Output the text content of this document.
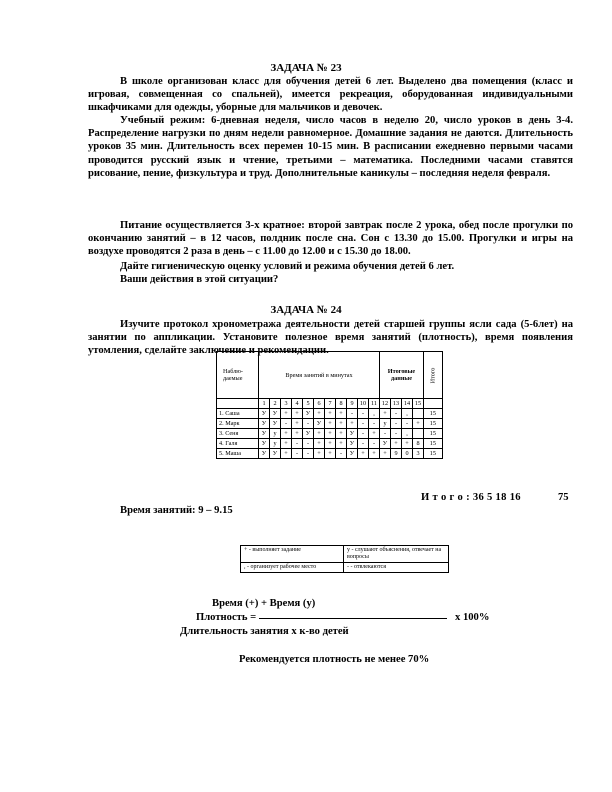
ЗАДАЧА № 23

В школе организован класс для обучения детей 6 лет. Выделено два помещения (класс и игровая, совмещенная со спальней), имеется рекреация, оборудованная индивидуальными шкафчиками для одежды, уборные для мальчиков и девочек.

Учебный режим: 6-дневная неделя, число часов в неделю 20, число уроков в день 3-4. Распределение нагрузки по дням недели равномерное. Домашние задания не даются. Длительность уроков 35 мин. Длительность всех перемен 10-15 мин. В расписании ежедневно первыми часами проводится русский язык и чтение, третьими – математика. Последними часами ставятся рисование, пение, физкультура и труд. Дополнительные каникулы – последняя неделя февраля.

Питание осуществляется 3-х кратное: второй завтрак после 2 урока, обед после прогулки по окончанию занятий – в 12 часов, полдник после сна. Сон с 13.30 до 15.00. Прогулки и игры на воздухе проводятся 2 раза в день – с 11.00 до 12.00 и с 15.30 до 18.00.

Дайте гигиеническую оценку условий и режима обучения детей 6 лет.
Ваши действия в этой ситуации?
ЗАДАЧА № 24

Изучите протокол хронометража деятельности детей старшей группы ясли сада (5-6лет) на занятии по аппликации. Установите полезное время занятий (плотность), время появления утомления, сделайте заключение и рекомендации.

Наблю-даемые	Время занятий в минутах											Итоговые данные				Итого
	1	2	3	4	5	6	7	8	9	10	11	12	13	14	15	
1. Саша	У	У	+	+	У	+	+	+	-	-	,	+	-	,		15
2. Марк	У	У	-	+	-	У	+	+	+	-	-	у	-	-	+	15
3. Сеня	У	у	+	+	У	+	+	+	У	-	+	-	-	,		15
4. Галя	У	у	+	-	-	+	+	+	У	-	-	У	+	+	8	15
5. Маша	У	У	+	-	-	+	+	-	У	+	+	+	9	0	3	15
И т о г о : 36 5 18 16	75
Время занятий: 9 – 9.15
+ - выполняет задание	у - слушают объяснения, отвечает на вопросы
, - организует рабочее место	- - отвлекаются
Время (+) + Время (у)
Плотность =	х 100%
Длительность занятия х к-во детей
Рекомендуется плотность не менее 70%
